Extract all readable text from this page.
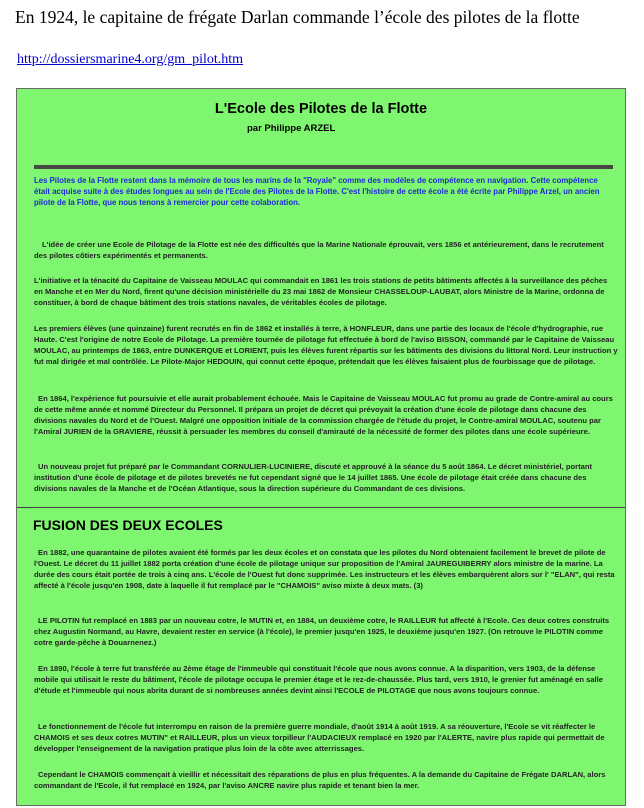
En 1924, le capitaine de frégate Darlan commande l’école des pilotes de la flotte
http://dossiersmarine4.org/gm_pilot.htm
L'Ecole des Pilotes de la Flotte
par Philippe ARZEL

Les Pilotes de la Flotte restent dans la mémoire de tous les marins de la "Royale" comme des modèles de compétence en navigation. Cette compétence était acquise suite à des études longues au sein de l'Ecole des Pilotes de la Flotte. C'est l'histoire de cette école a été écrite par Philippe Arzel, un ancien pilote de la Flotte, que nous tenons à remercier pour cette colaboration.

L'idée de créer une Ecole de Pilotage de la Flotte est née des difficultés que la Marine Nationale éprouvait, vers 1856 et antérieurement, dans le recrutement des pilotes côtiers expérimentés et permanents.

L'initiative et la ténacité du Capitaine de Vaisseau MOULAC qui commandait en 1861 les trois stations de petits bâtiments affectés à la surveillance des pêches en Manche et en Mer du Nord, firent qu'une décision ministérielle du 23 mai 1862 de Monsieur CHASSELOUP-LAUBAT, alors Ministre de la Marine, ordonna de constituer, à bord de chaque bâtiment des trois stations navales, de véritables écoles de pilotage.

Les premiers élèves (une quinzaine) furent recrutés en fin de 1862 et installés à terre, à HONFLEUR, dans une partie des locaux de l'école d'hydrographie, rue Haute. C'est l'origine de notre Ecole de Pilotage. La première tournée de pilotage fut effectuée à bord de l'aviso BISSON, commandé par le Capitaine de Vaisseau MOULAC, au printemps de 1863, entre DUNKERQUE et LORIENT, puis les élèves furent répartis sur les bâtiments des divisions du littoral Nord. Leur instruction y fut mal dirigée et mal contrôlée. Le Pilote-Major HEDOUIN, qui connut cette époque, prétendait que les élèves faisaient plus de fourbissage que de pilotage.

En 1864, l'expérience fut poursuivie et elle aurait probablement échouée. Mais le Capitaine de Vaisseau MOULAC fut promu au grade de Contre-amiral au cours de cette même année et nommé Directeur du Personnel. Il prépara un projet de décret qui prévoyait la création d'une école de pilotage dans chacune des divisions navales du Nord et de l'Ouest. Malgré une opposition initiale de la commission chargée de l'étude du projet, le Contre-amiral MOULAC, soutenu par l'Amiral JURIEN de la GRAVIERE, réussit à persuader les membres du conseil d'amirauté de la nécessité de former des pilotes dans une école supérieure.

Un nouveau projet fut préparé par le Commandant CORNULIER-LUCINIERE, discuté et approuvé à la séance du 5 août 1864. Le décret ministériel, portant institution d'une école de pilotage et de pilotes brevetés ne fut cependant signé que le 14 juillet 1865. Une école de pilotage était créée dans chacune des divisions navales de la Manche et de l'Océan Atlantique, sous la direction supérieure du Commandant de ces divisions.

FUSION DES DEUX ECOLES

En 1882, une quarantaine de pilotes avaient été formés par les deux écoles et on constata que les pilotes du Nord obtenaient facilement le brevet de pilote de l'Ouest. Le décret du 11 juillet 1882 porta création d'une école de pilotage unique sur proposition de l'Amiral JAUREGUIBERRY alors ministre de la marine. La durée des cours était portée de trois à cinq ans. L'école de l'Ouest fut donc supprimée. Les instructeurs et les élèves embarquèrent alors sur l' "ELAN", qui resta affecté à l'école jusqu'en 1908, date à laquelle il fut remplacé par le "CHAMOIS" aviso mixte à deux mats. (3)

LE PILOTIN fut remplacé en 1883 par un nouveau cotre, le MUTIN et, en 1884, un deuxième cotre, le RAILLEUR fut affecté à l'Ecole. Ces deux cotres construits chez Augustin Normand, au Havre, devaient rester en service (à l'école), le premier jusqu'en 1925, le deuxième jusqu'en 1927. (On retrouve le PILOTIN comme cotre garde-pêche à Douarnenez.)

En 1890, l'école à terre fut transférée au 2ème étage de l'immeuble qui constituait l'école que nous avons connue. A la disparition, vers 1903, de la défense mobile qui utilisait le reste du bâtiment, l'école de pilotage occupa le premier étage et le rez-de-chaussée. Plus tard, vers 1910, le grenier fut aménagé en salle d'étude et l'immeuble qui nous abrita durant de si nombreuses années devint ainsi l'ECOLE de PILOTAGE que nous avons toujours connue.

Le fonctionnement de l'école fut interrompu en raison de la première guerre mondiale, d'août 1914 à août 1919. A sa réouverture, l'Ecole se vit réaffecter le CHAMOIS et ses deux cotres MUTIN" et RAILLEUR, plus un vieux torpilleur l'AUDACIEUX remplacé en 1920 par l'ALERTE, navire plus rapide qui permettait de développer l'enseignement de la navigation pratique plus loin de la côte avec atterrissages.

Cependant le CHAMOIS commençait à vieillir et nécessitait des réparations de plus en plus fréquentes. A la demande du Capitaine de Frégate DARLAN, alors commandant de l'Ecole, il fut remplacé en 1924, par l'aviso ANCRE navire plus rapide et tenant bien la mer.
